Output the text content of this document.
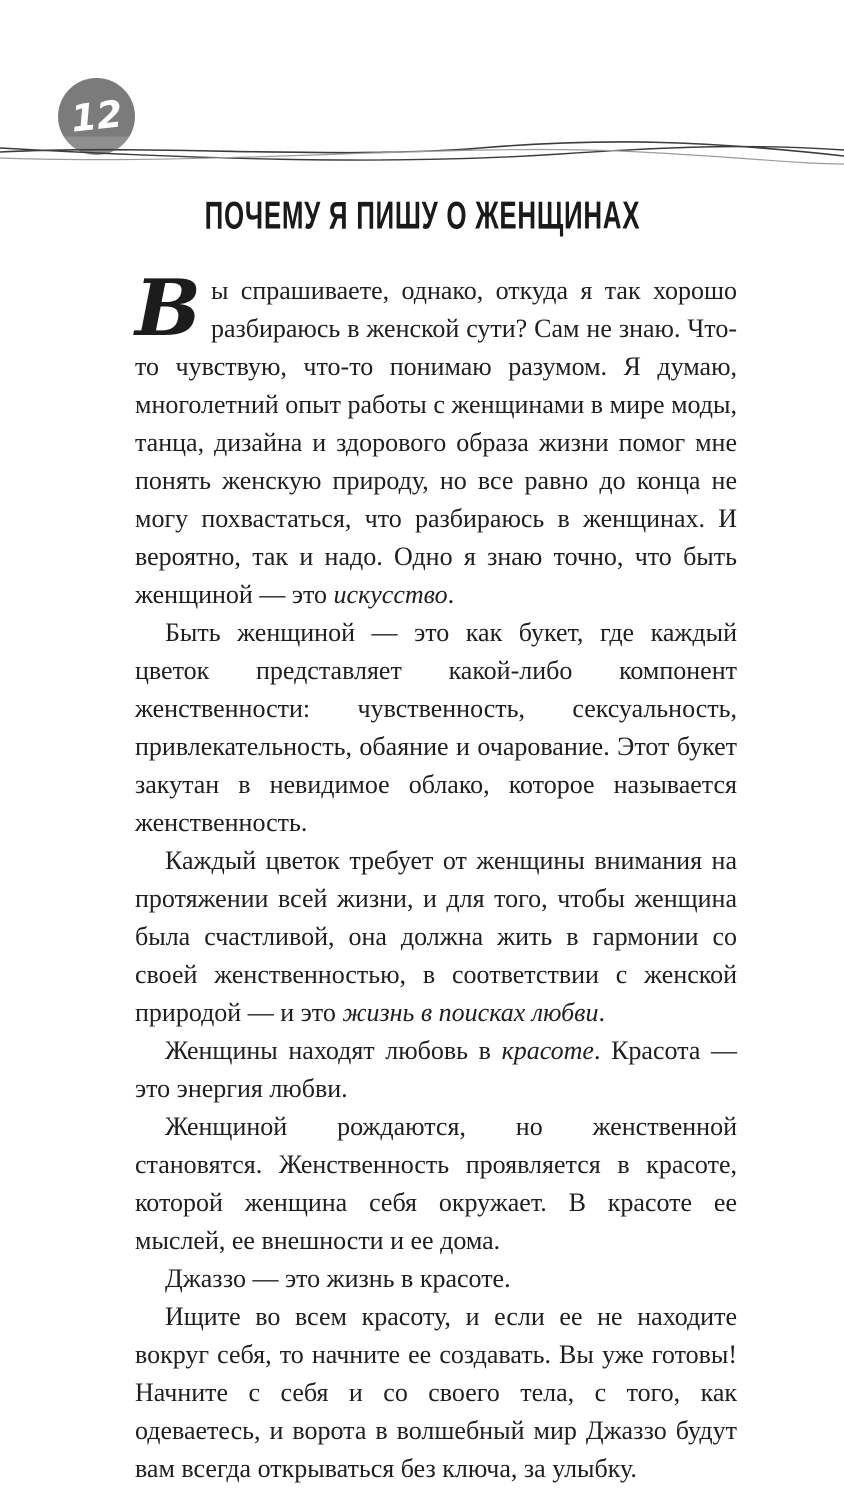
12
ПОЧЕМУ Я ПИШУ О ЖЕНЩИНАХ

Вы спрашиваете, однако, откуда я так хорошо разбираюсь в женской сути? Сам не знаю. Что-то чувствую, что-то понимаю разумом. Я думаю, многолетний опыт работы с женщинами в мире моды, танца, дизайна и здорового образа жизни помог мне понять женскую природу, но все равно до конца не могу похвастаться, что разбираюсь в женщинах. И вероятно, так и надо. Одно я знаю точно, что быть женщиной — это искусство.

Быть женщиной — это как букет, где каждый цветок представляет какой-либо компонент женственности: чувственность, сексуальность, привлекательность, обаяние и очарование. Этот букет закутан в невидимое облако, которое называется женственность.

Каждый цветок требует от женщины внимания на протяжении всей жизни, и для того, чтобы женщина была счастливой, она должна жить в гармонии со своей женственностью, в соответствии с женской природой — и это жизнь в поисках любви.

Женщины находят любовь в красоте. Красота — это энергия любви.

Женщиной рождаются, но женственной становятся. Женственность проявляется в красоте, которой женщина себя окружает. В красоте ее мыслей, ее внешности и ее дома.

Джаззо — это жизнь в красоте.

Ищите во всем красоту, и если ее не находите вокруг себя, то начните ее создавать. Вы уже готовы! Начните с себя и со своего тела, с того, как одеваетесь, и ворота в волшебный мир Джаззо будут вам всегда открываться без ключа, за улыбку.
